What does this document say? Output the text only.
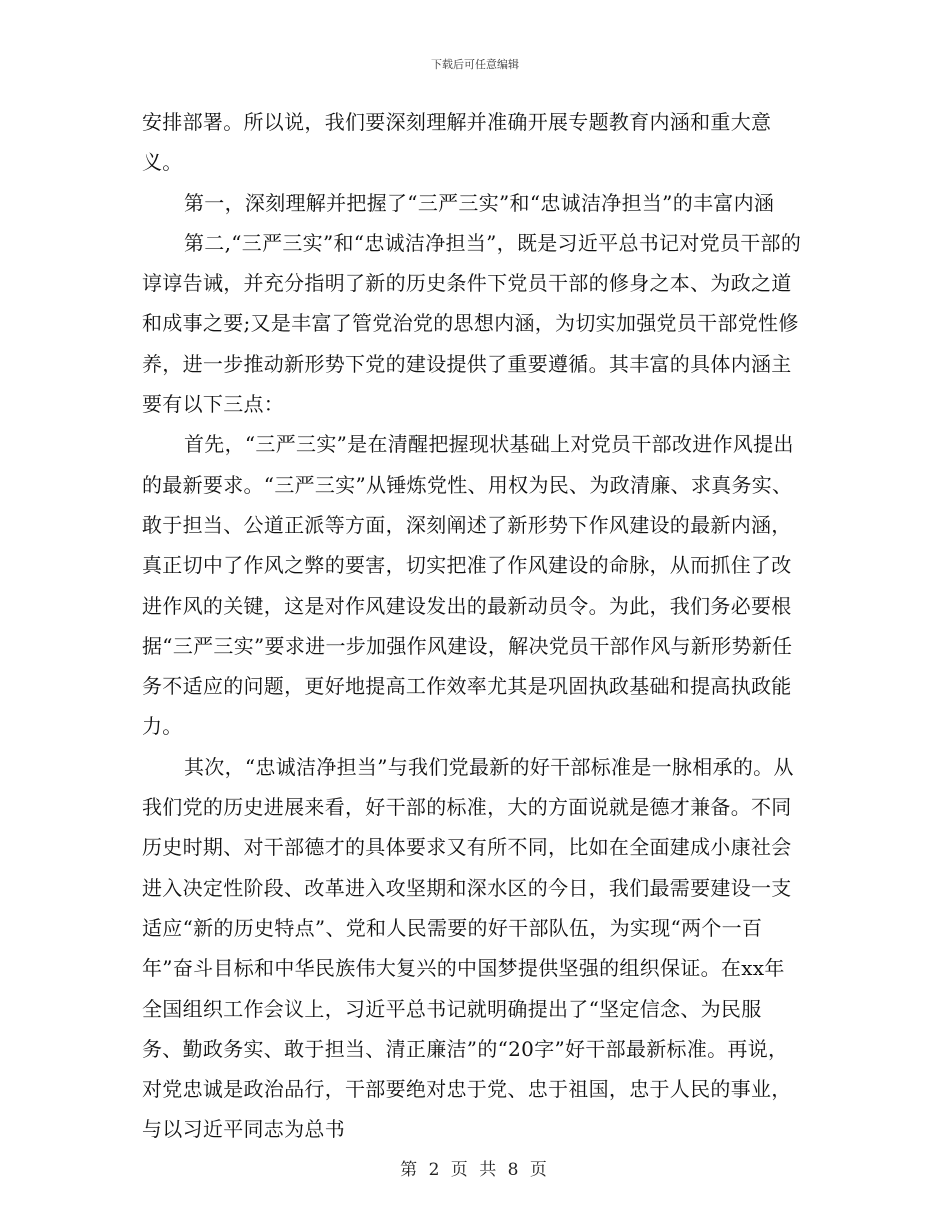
下载后可任意编辑

安排部署。所以说，我们要深刻理解并准确开展专题教育内涵和重大意义。

第一，深刻理解并把握了“三严三实”和“忠诚洁净担当”的丰富内涵

第二,“三严三实”和“忠诚洁净担当”，既是习近平总书记对党员干部的谆谆告诫，并充分指明了新的历史条件下党员干部的修身之本、为政之道和成事之要;又是丰富了管党治党的思想内涵，为切实加强党员干部党性修养，进一步推动新形势下党的建设提供了重要遵循。其丰富的具体内涵主要有以下三点：

首先，“三严三实”是在清醒把握现状基础上对党员干部改进作风提出的最新要求。“三严三实”从锤炼党性、用权为民、为政清廉、求真务实、敢于担当、公道正派等方面，深刻阐述了新形势下作风建设的最新内涵，真正切中了作风之弊的要害，切实把准了作风建设的命脉，从而抓住了改进作风的关键，这是对作风建设发出的最新动员令。为此，我们务必要根据“三严三实”要求进一步加强作风建设，解决党员干部作风与新形势新任务不适应的问题，更好地提高工作效率尤其是巩固执政基础和提高执政能力。

其次，“忠诚洁净担当”与我们党最新的好干部标准是一脉相承的。从我们党的历史进展来看，好干部的标准，大的方面说就是德才兼备。不同历史时期、对干部德才的具体要求又有所不同，比如在全面建成小康社会进入决定性阶段、改革进入攻坚期和深水区的今日，我们最需要建设一支适应“新的历史特点”、党和人民需要的好干部队伍，为实现“两个一百年”奋斗目标和中华民族伟大复兴的中国梦提供坚强的组织保证。在xx年全国组织工作会议上，习近平总书记就明确提出了“坚定信念、为民服务、勤政务实、敢于担当、清正廉洁”的“20字”好干部最新标准。再说，对党忠诚是政治品行，干部要绝对忠于党、忠于祖国，忠于人民的事业，与以习近平同志为总书

第 2 页 共 8 页
